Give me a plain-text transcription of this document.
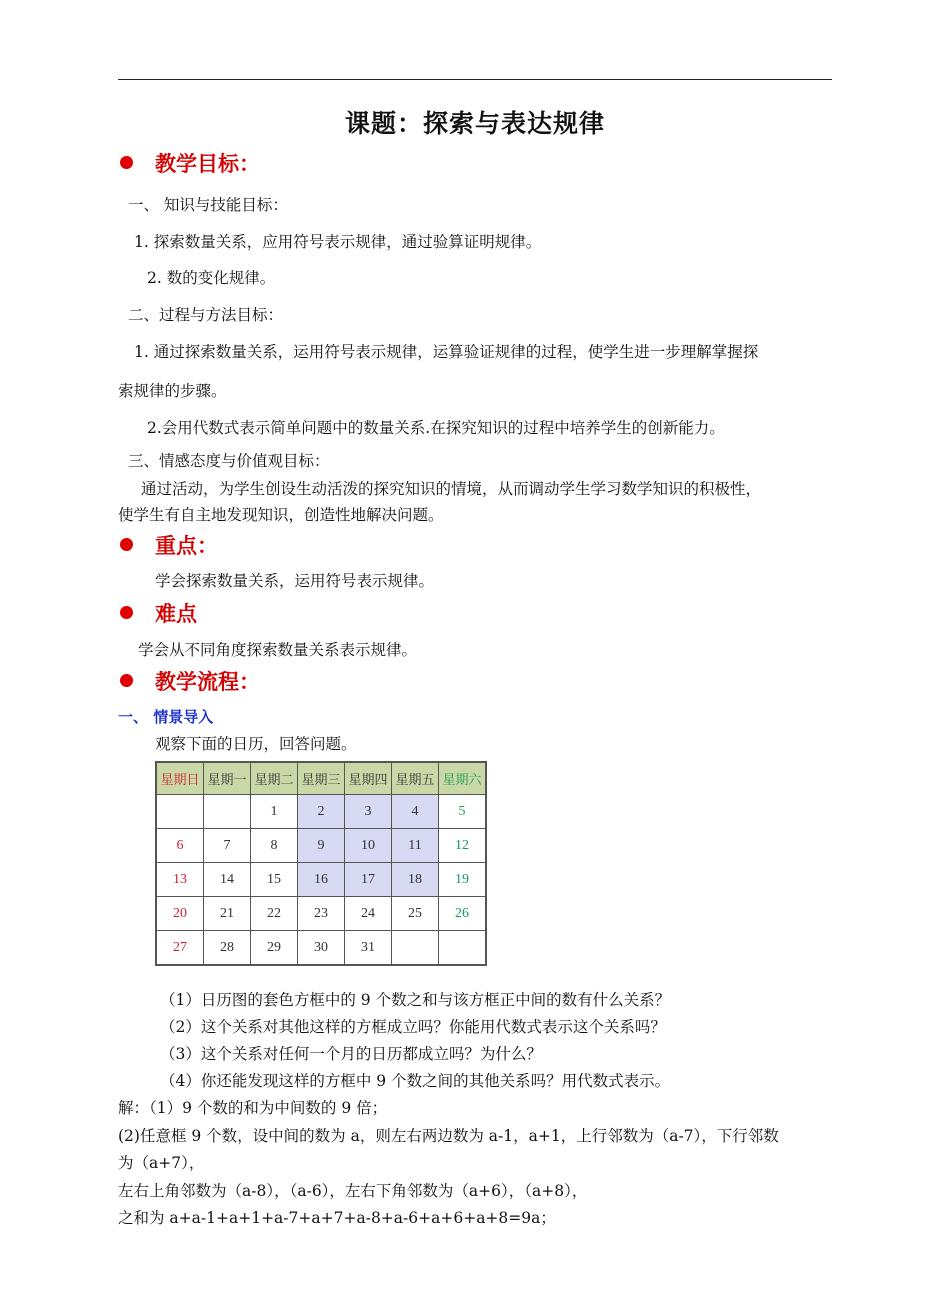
课题：探索与表达规律
教学目标：
一、 知识与技能目标：
1. 探索数量关系，应用符号表示规律，通过验算证明规律。
2. 数的变化规律。
二、过程与方法目标：
1. 通过探索数量关系，运用符号表示规律，运算验证规律的过程，使学生进一步理解掌握探
索规律的步骤。
2.会用代数式表示简单问题中的数量关系.在探究知识的过程中培养学生的创新能力。
三、情感态度与价值观目标：
通过活动，为学生创设生动活泼的探究知识的情境，从而调动学生学习数学知识的积极性，
使学生有自主地发现知识，创造性地解决问题。
重点：
学会探索数量关系，运用符号表示规律。
难点
学会从不同角度探索数量关系表示规律。
教学流程：
一、 情景导入
观察下面的日历，回答问题。
星期日	星期一	星期二	星期三	星期四	星期五	星期六
		1	2	3	4	5
6	7	8	9	10	11	12
13	14	15	16	17	18	19
20	21	22	23	24	25	26
27	28	29	30	31		
（1）日历图的套色方框中的 9 个数之和与该方框正中间的数有什么关系？
（2）这个关系对其他这样的方框成立吗？你能用代数式表示这个关系吗？
（3）这个关系对任何一个月的日历都成立吗？为什么？
（4）你还能发现这样的方框中 9 个数之间的其他关系吗？用代数式表示。
解：（1）9 个数的和为中间数的 9 倍；
(2)任意框 9 个数，设中间的数为 a，则左右两边数为 a-1，a+1，上行邻数为（a-7），下行邻数
为（a+7），
左右上角邻数为（a-8），（a-6），左右下角邻数为（a+6），（a+8），
之和为 a+a-1+a+1+a-7+a+7+a-8+a-6+a+6+a+8=9a；
